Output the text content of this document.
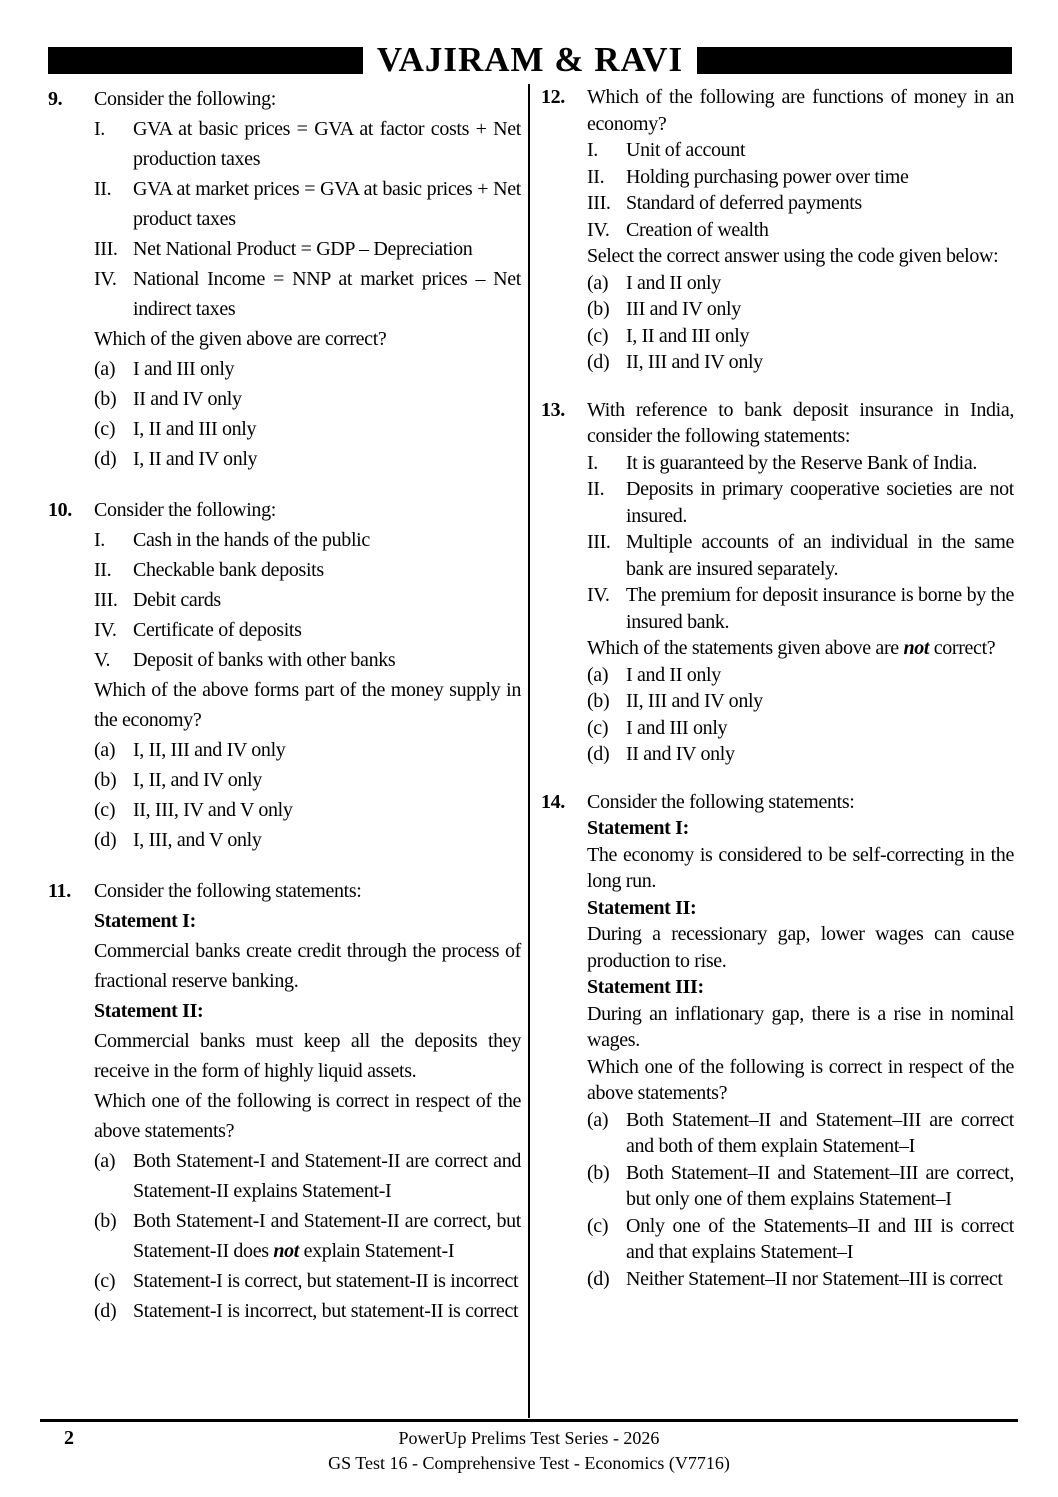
VAJIRAM & RAVI
9.	Consider the following:
I.	GVA at basic prices = GVA at factor costs + Net production taxes
II.	GVA at market prices = GVA at basic prices + Net product taxes
III. Net National Product = GDP – Depreciation
IV. National Income = NNP at market prices – Net indirect taxes
Which of the given above are correct?
(a) I and III only
(b) II and IV only
(c) I, II and III only
(d) I, II and IV only
10.	Consider the following:
I.	Cash in the hands of the public
II.	Checkable bank deposits
III. Debit cards
IV. Certificate of deposits
V.	Deposit of banks with other banks
Which of the above forms part of the money supply in the economy?
(a) I, II, III and IV only
(b) I, II, and IV only
(c) II, III, IV and V only
(d) I, III, and V only
11.	Consider the following statements:
Statement I:
Commercial banks create credit through the process of fractional reserve banking.
Statement II:
Commercial banks must keep all the deposits they receive in the form of highly liquid assets.
Which one of the following is correct in respect of the above statements?
(a) Both Statement-I and Statement-II are correct and Statement-II explains Statement-I
(b) Both Statement-I and Statement-II are correct, but Statement-II does not explain Statement-I
(c) Statement-I is correct, but statement-II is incorrect
(d) Statement-I is incorrect, but statement-II is correct
12.	Which of the following are functions of money in an economy?
I.	Unit of account
II.	Holding purchasing power over time
III. Standard of deferred payments
IV. Creation of wealth
Select the correct answer using the code given below:
(a) I and II only
(b) III and IV only
(c) I, II and III only
(d) II, III and IV only
13.	With reference to bank deposit insurance in India, consider the following statements:
I.	It is guaranteed by the Reserve Bank of India.
II.	Deposits in primary cooperative societies are not insured.
III. Multiple accounts of an individual in the same bank are insured separately.
IV. The premium for deposit insurance is borne by the insured bank.
Which of the statements given above are not correct?
(a) I and II only
(b) II, III and IV only
(c) I and III only
(d) II and IV only
14.	Consider the following statements:
Statement I:
The economy is considered to be self-correcting in the long run.
Statement II:
During a recessionary gap, lower wages can cause production to rise.
Statement III:
During an inflationary gap, there is a rise in nominal wages.
Which one of the following is correct in respect of the above statements?
(a) Both Statement–II and Statement–III are correct and both of them explain Statement–I
(b) Both Statement–II and Statement–III are correct, but only one of them explains Statement–I
(c) Only one of the Statements–II and III is correct and that explains Statement–I
(d) Neither Statement–II nor Statement–III is correct
2	PowerUp Prelims Test Series - 2026
GS Test 16 - Comprehensive Test - Economics (V7716)
